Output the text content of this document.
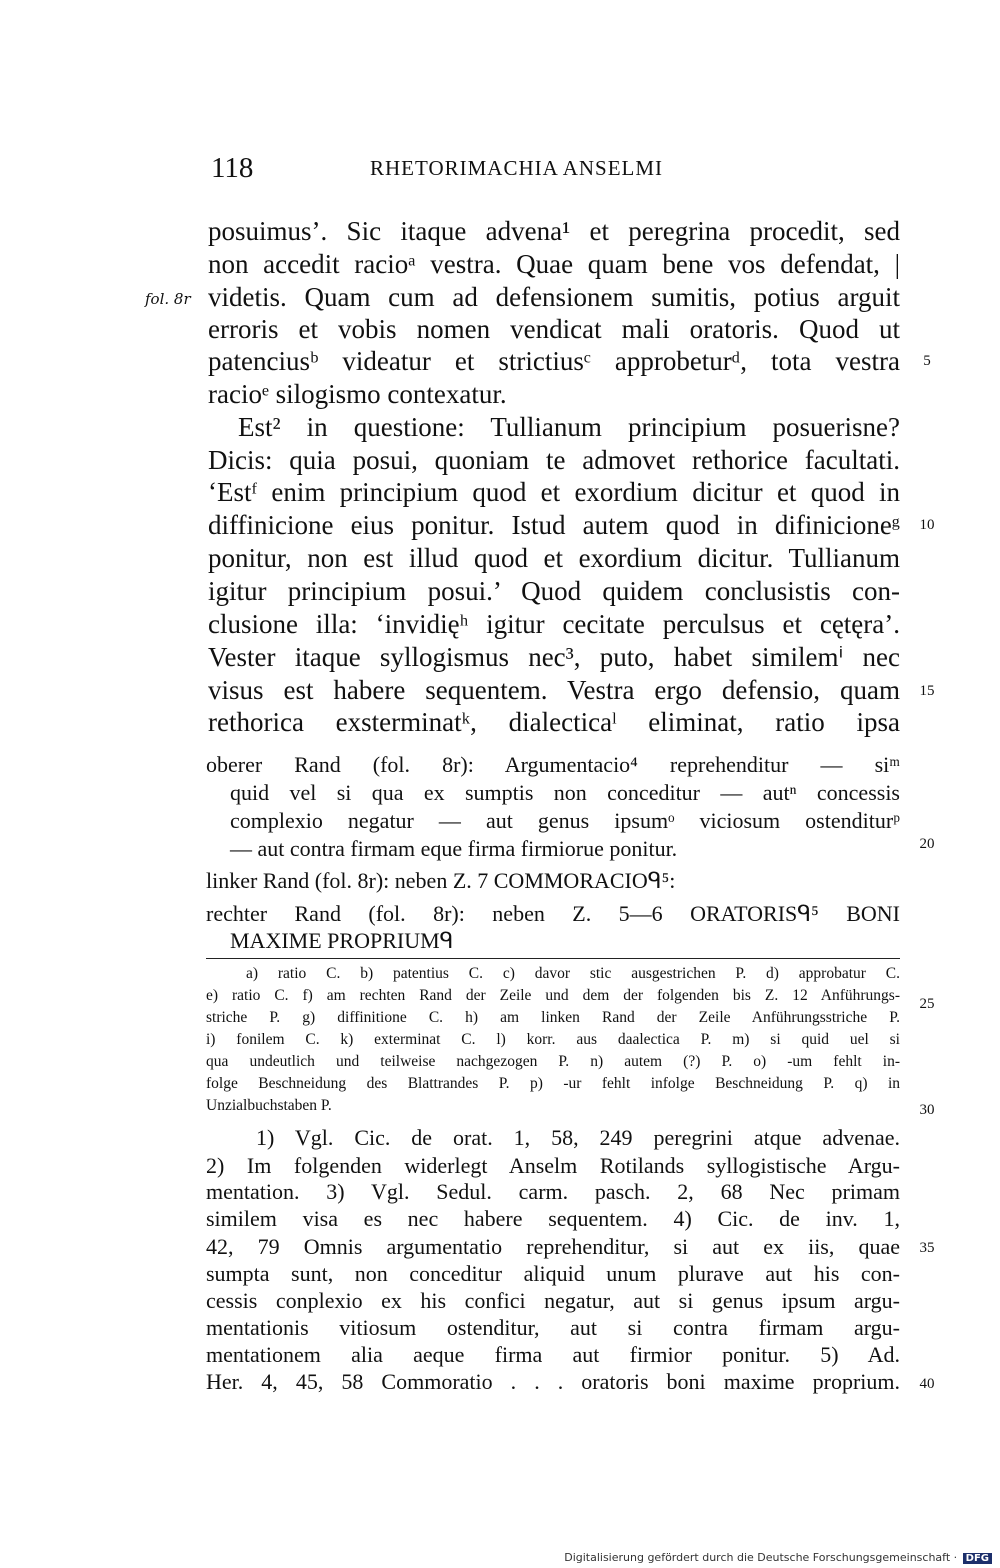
118	RHETORIMACHIA ANSELMI
fol. 8r
posuimus’. Sic itaque advena¹ et peregrina procedit, sed
non accedit racioᵃ vestra. Quae quam bene vos defendat, |
videtis. Quam cum ad defensionem sumitis, potius arguit
erroris et vobis nomen vendicat mali oratoris. Quod ut
patenciusᵇ videatur et strictiusᶜ approbeturᵈ, tota vestra
racioᵉ silogismo contexatur.
Est² in questione: Tullianum principium posuerisne?
Dicis: quia posui, quoniam te admovet rethorice facultati.
‘Estᶠ enim principium quod et exordium dicitur et quod in
diffinicione eius ponitur. Istud autem quod in difinicioneᵍ
ponitur, non est illud quod et exordium dicitur. Tullianum
igitur principium posui.’ Quod quidem conclusistis con-
clusione illa: ‘invidięʰ igitur cecitate perculsus et cętęra’.
Vester itaque syllogismus nec³, puto, habet similemⁱ nec
visus est habere sequentem. Vestra ergo defensio, quam
rethorica exsterminatᵏ, dialecticaˡ eliminat, ratio ipsa
oberer Rand (fol. 8r): Argumentacio⁴ reprehenditur — siᵐ
quid vel si qua ex sumptis non conceditur — autⁿ concessis
complexio negatur — aut genus ipsumᵒ viciosum ostenditurᵖ
— aut contra firmam eque firma firmiorue ponitur.
linker Rand (fol. 8r): neben Z. 7 COMMORACIOᑫ⁵:
rechter Rand (fol. 8r): neben Z. 5—6 ORATORISᑫ⁵ BONI
MAXIME PROPRIUMᑫ
a) ratio C. b) patentius C. c) davor stic ausgestrichen P. d) approbatur C.
e) ratio C. f) am rechten Rand der Zeile und dem der folgenden bis Z. 12 Anführungs-
striche P. g) diffinitione C. h) am linken Rand der Zeile Anführungsstriche P.
i) fonilem C. k) exterminat C. l) korr. aus daalectica P. m) si quid uel si
qua undeutlich und teilweise nachgezogen P. n) autem (?) P. o) -um fehlt in-
folge Beschneidung des Blattrandes P. p) -ur fehlt infolge Beschneidung P. q) in
Unzialbuchstaben P.
1) Vgl. Cic. de orat. 1, 58, 249 peregrini atque advenae.
2) Im folgenden widerlegt Anselm Rotilands syllogistische Argu-
mentation. 3) Vgl. Sedul. carm. pasch. 2, 68 Nec primam
similem visa es nec habere sequentem. 4) Cic. de inv. 1,
42, 79 Omnis argumentatio reprehenditur, si aut ex iis, quae
sumpta sunt, non conceditur aliquid unum plurave aut his con-
cessis conplexio ex his confici negatur, aut si genus ipsum argu-
mentationis vitiosum ostenditur, aut si contra firmam argu-
mentationem alia aeque firma aut firmior ponitur. 5) Ad.
Her. 4, 45, 58 Commoratio . . . oratoris boni maxime proprium.
5
10
15
20
25
30
35
40
Digitalisierung gefördert durch die Deutsche Forschungsgemeinschaft · DFG
